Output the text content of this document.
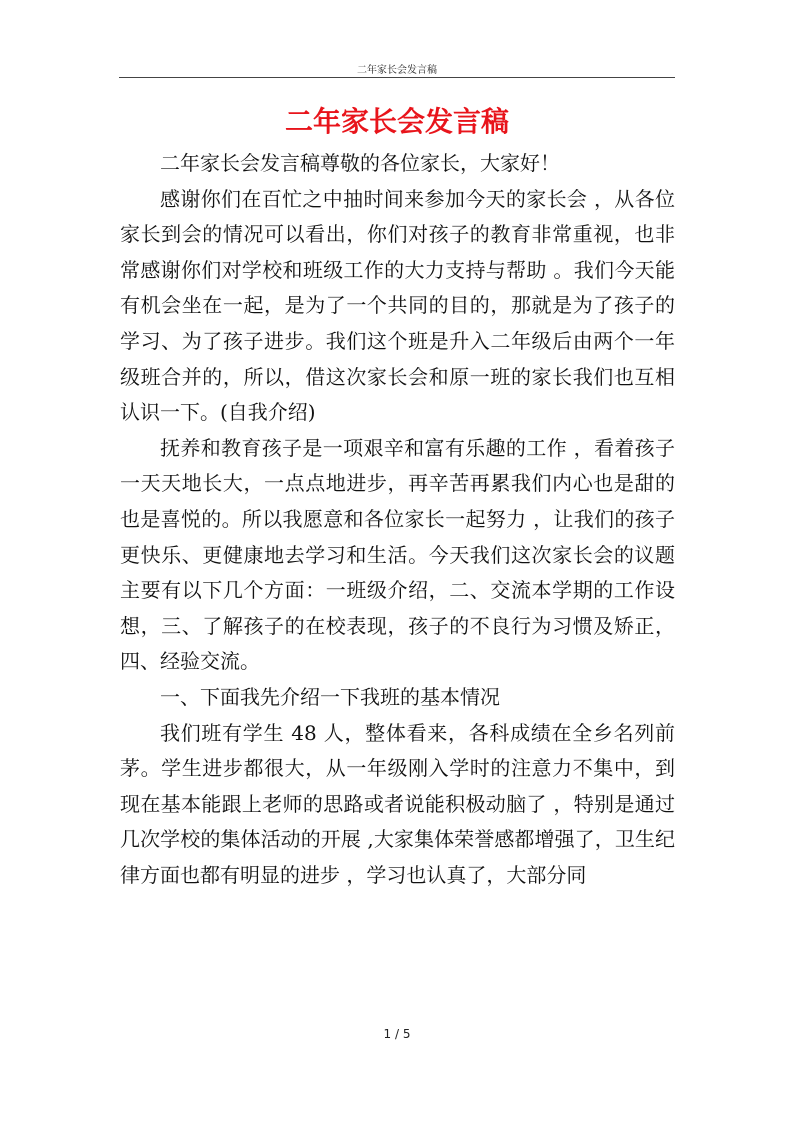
二年家长会发言稿
二年家长会发言稿

二年家长会发言稿尊敬的各位家长，大家好！

感谢你们在百忙之中抽时间来参加今天的家长会 ，从各位家长到会的情况可以看出，你们对孩子的教育非常重视，也非常感谢你们对学校和班级工作的大力支持与帮助 。我们今天能有机会坐在一起，是为了一个共同的目的，那就是为了孩子的学习、为了孩子进步。我们这个班是升入二年级后由两个一年级班合并的，所以，借这次家长会和原一班的家长我们也互相认识一下。(自我介绍)

抚养和教育孩子是一项艰辛和富有乐趣的工作 ，看着孩子一天天地长大，一点点地进步，再辛苦再累我们内心也是甜的也是喜悦的。所以我愿意和各位家长一起努力 ，让我们的孩子更快乐、更健康地去学习和生活。今天我们这次家长会的议题主要有以下几个方面：一班级介绍，二、交流本学期的工作设想，三、了解孩子的在校表现，孩子的不良行为习惯及矫正，四、经验交流。

一、下面我先介绍一下我班的基本情况

我们班有学生 48 人，整体看来，各科成绩在全乡名列前茅。学生进步都很大，从一年级刚入学时的注意力不集中，到现在基本能跟上老师的思路或者说能积极动脑了 ，特别是通过几次学校的集体活动的开展 ,大家集体荣誉感都增强了，卫生纪律方面也都有明显的进步 ，学习也认真了，大部分同

1 / 5
